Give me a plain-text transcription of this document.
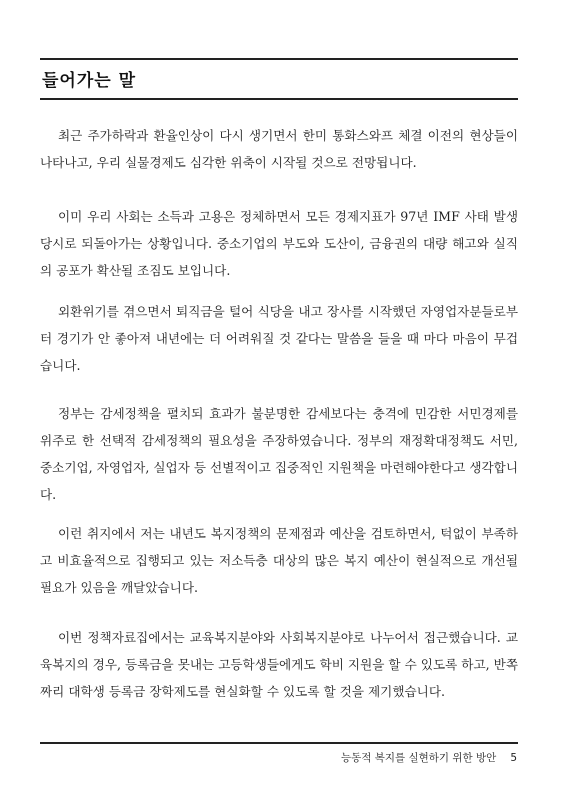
들어가는 말

최근 주가하락과 환율인상이 다시 생기면서 한미 통화스와프 체결 이전의 현상들이 나타나고, 우리 실물경제도 심각한 위축이 시작될 것으로 전망됩니다.

이미 우리 사회는 소득과 고용은 정체하면서 모든 경제지표가 97년 IMF 사태 발생 당시로 되돌아가는 상황입니다. 중소기업의 부도와 도산이, 금융권의 대량 해고와 실직의 공포가 확산될 조짐도 보입니다.

외환위기를 겪으면서 퇴직금을 털어 식당을 내고 장사를 시작했던 자영업자분들로부터 경기가 안 좋아져 내년에는 더 어려워질 것 같다는 말씀을 들을 때 마다 마음이 무겁습니다.

정부는 감세정책을 펼치되 효과가 불분명한 감세보다는 충격에 민감한 서민경제를 위주로 한 선택적 감세정책의 필요성을 주장하였습니다. 정부의 재정확대정책도 서민, 중소기업, 자영업자, 실업자 등 선별적이고 집중적인 지원책을 마련해야한다고 생각합니다.

이런 취지에서 저는 내년도 복지정책의 문제점과 예산을 검토하면서, 턱없이 부족하고 비효율적으로 집행되고 있는 저소득층 대상의 많은 복지 예산이 현실적으로 개선될 필요가 있음을 깨달았습니다.

이번 정책자료집에서는 교육복지분야와 사회복지분야로 나누어서 접근했습니다. 교육복지의 경우, 등록금을 못내는 고등학생들에게도 학비 지원을 할 수 있도록 하고, 반쪽짜리 대학생 등록금 장학제도를 현실화할 수 있도록 할 것을 제기했습니다.

능동적 복지를 실현하기 위한 방안 5
